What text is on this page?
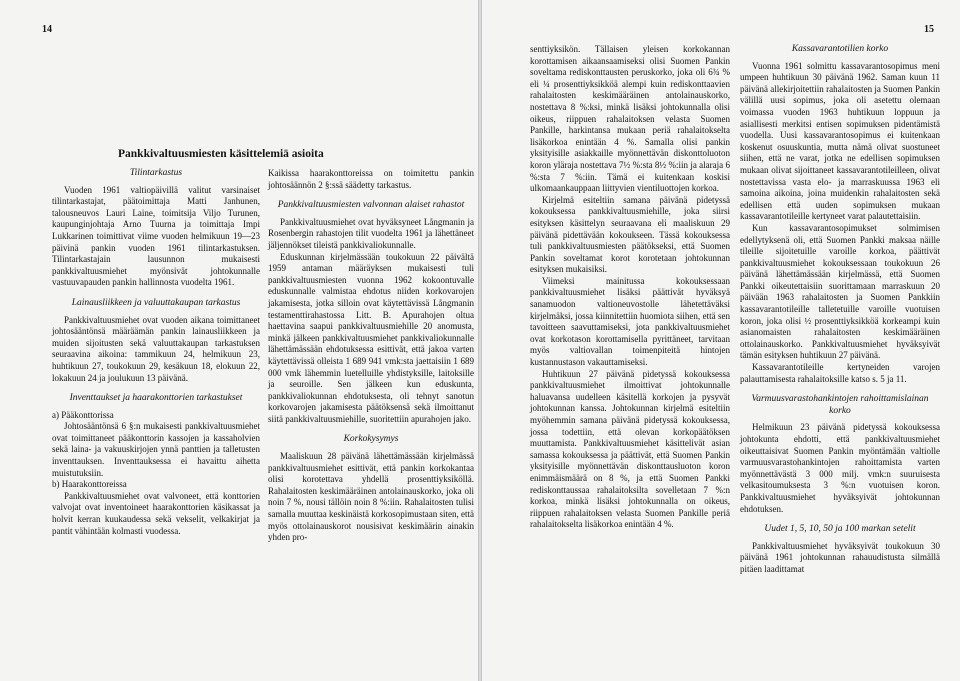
14
Pankkivaltuusmiesten käsittelemiä asioita
Tilintarkastus

Vuoden 1961 valtiopäivillä valitut varsinaiset tilintarkastajat, päätoimittaja Matti Janhunen, talousneuvos Lauri Laine, toimitsija Viljo Turunen, kaupunginjohtaja Arno Tuurna ja toimittaja Impi Lukkarinen toimittivat viime vuoden helmikuun 19—23 päivinä pankin vuoden 1961 tilintarkastuksen. Tilintarkastajain lausunnon mukaisesti pankkivaltuusmiehet myönsivät johtokunnalle vastuuvapauden pankin hallinnosta vuodelta 1961.

Lainausliikkeen ja valuuttakaupan tarkastus

Pankkivaltuusmiehet ovat vuoden aikana toimittaneet johtosääntönsä määräämän pankin lainausliikkeen ja muiden sijoitusten sekä valuuttakaupan tarkastuksen seuraavina aikoina: tammikuun 24, helmikuun 23, huhtikuun 27, toukokuun 29, kesäkuun 18, elokuun 22, lokakuun 24 ja joulukuun 13 päivänä.

Inventtaukset ja haarakonttorien tarkastukset

a) Pääkonttorissa

Johtosääntönsä 6 §:n mukaisesti pankkivaltuusmiehet ovat toimittaneet pääkonttorin kassojen ja kassaholvien sekä laina- ja vakuuskirjojen ynnä panttien ja talletusten inventtauksen. Inventtauksessa ei havaittu aihetta muistutuksiin.

b) Haarakonttoreissa

Pankkivaltuusmiehet ovat valvoneet, että konttorien valvojat ovat inventoineet haarakonttorien käsikassat ja holvit kerran kuukaudessa sekä vekselit, velkakirjat ja pantit vähintään kolmasti vuodessa.

Kaikissa haarakonttoreissa on toimitettu pankin johtosäännön 2 §:ssä säädetty tarkastus.

Pankkivaltuusmiesten valvonnan alaiset rahastot

Pankkivaltuusmiehet ovat hyväksyneet Långmanin ja Rosenbergin rahastojen tilit vuodelta 1961 ja lähettäneet jäljennökset tileistä pankkivaliokunnalle.

Eduskunnan kirjelmässään toukokuun 22 päivältä 1959 antaman määräyksen mukaisesti tuli pankkivaltuusmiesten vuonna 1962 kokoontuvalle eduskunnalle valmistaa ehdotus niiden korkovarojen jakamisesta, jotka silloin ovat käytettävissä Långmanin testamenttirahastossa Litt. B. Apurahojen oltua haettavina saapui pankkivaltuusmiehille 20 anomusta, minkä jälkeen pankkivaltuusmiehet pankkivaliokunnalle lähettämässään ehdotuksessa esittivät, että jakoa varten käytettävissä olleista 1 689 941 vmk:sta jaettaisiin 1 689 000 vmk lähemmin luetelluille yhdistyksille, laitoksille ja seuroille. Sen jälkeen kun eduskunta, pankkivaliokunnan ehdotuksesta, oli tehnyt sanotun korkovarojen jakamisesta päätöksensä sekä ilmoittanut siitä pankkivaltuusmiehille, suoritettiin apurahojen jako.

Korkokysymys

Maaliskuun 28 päivänä lähettämässään kirjelmässä pankkivaltuusmiehet esittivät, että pankin korkokantaa olisi korotettava yhdellä prosenttiyksiköllä. Rahalaitosten keskimääräinen antolainauskorko, joka oli noin 7 %, nousi tällöin noin 8 %:iin. Rahalaitosten tulisi samalla muuttaa keskinäistä korkosopimustaan siten, että myös ottolainauskorot nousisivat keskimäärin ainakin yhden pro-

15

senttiyksikön. Tällaisen yleisen korkokannan korottamisen aikaansaamiseksi olisi Suomen Pankin soveltama rediskonttausten peruskorko, joka oli 6¾ % eli ¼ prosenttiyksikköä alempi kuin rediskonttaavien rahalaitosten keskimääräinen antolainauskorko, nostettava 8 %:ksi, minkä lisäksi johtokunnalla olisi oikeus, riippuen rahalaitoksen velasta Suomen Pankille, harkintansa mukaan periä rahalaitokselta lisäkorkoa enintään 4 %. Samalla olisi pankin yksityisille asiakkaille myönnettävän diskonttoluoton koron yläraja nostettava 7½ %:sta 8½ %:iin ja alaraja 6 %:sta 7 %:iin. Tämä ei kuitenkaan koskisi ulkomaankauppaan liittyvien vientiluottojen korkoa.

Kirjelmä esiteltiin samana päivänä pidetyssä kokouksessa pankkivaltuusmiehille, joka siirsi esityksen käsittelyn seuraavana eli maaliskuun 29 päivänä pidettävään kokoukseen. Tässä kokouksessa tuli pankkivaltuusmiesten päätökseksi, että Suomen Pankin soveltamat korot korotetaan johtokunnan esityksen mukaisiksi.

Viimeksi mainitussa kokouksessaan pankkivaltuusmiehet lisäksi päättivät hyväksyä sanamuodon valtioneuvostolle lähetettäväksi kirjelmäksi, jossa kiinnitettiin huomiota siihen, että sen tavoitteen saavuttamiseksi, jota pankkivaltuusmiehet ovat korkotason korottamisella pyrittäneet, tarvitaan myös valtiovallan toimenpiteitä hintojen kustannustason vakauttamiseksi.

Huhtikuun 27 päivänä pidetyssä kokouksessa pankkivaltuusmiehet ilmoittivat johtokunnalle haluavansa uudelleen käsitellä korkojen ja pysyvät johtokunnan kanssa. Johtokunnan kirjelmä esiteltiin myöhemmin samana päivänä pidetyssä kokouksessa, jossa todettiin, että olevan korkopäätöksen muuttamista. Pankkivaltuusmiehet käsittelivät asian samassa kokouksessa ja päättivät, että Suomen Pankin yksityisille myönnettävän diskonttausluoton koron enimmäismäärä on 8 %, ja että Suomen Pankki rediskonttaussaa rahalaitoksilta sovelletaan 7 %:n korkoa, minkä lisäksi johtokunnalla on oikeus, riippuen rahalaitoksen velasta Suomen Pankille periä rahalaitokselta lisäkorkoa enintään 4 %.

Kassavarantotilien korko

Vuonna 1961 solmittu kassavarantosopimus meni umpeen huhtikuun 30 päivänä 1962. Saman kuun 11 päivänä allekirjoitettiin rahalaitosten ja Suomen Pankin välillä uusi sopimus, joka oli asetettu olemaan voimassa vuoden 1963 huhtikuun loppuun ja asiallisesti merkitsi entisen sopimuksen pidentämistä vuodella. Uusi kassavarantosopimus ei kuitenkaan koskenut osuuskuntia, mutta nämä olivat suostuneet siihen, että ne varat, jotka ne edellisen sopimuksen mukaan olivat sijoittaneet kassavarantotileilleen, olivat nostettavissa vasta elo- ja marraskuussa 1963 eli samoina aikoina, joina muidenkin rahalaitosten sekä edellisen että uuden sopimuksen mukaan kassavarantotileille kertyneet varat palautettaisiin.

Kun kassavarantosopimukset solmimisen edellytyksenä oli, että Suomen Pankki maksaa näille tileille sijoitetuille varoille korkoa, päättivät pankkivaltuusmiehet kokouksessaan toukokuun 26 päivänä lähettämässään kirjelmässä, että Suomen Pankki oikeutettaisiin suorittamaan marraskuun 20 päivään 1963 rahalaitosten ja Suomen Pankkiin kassavarantotileille talletetuille varoille vuotuisen koron, joka olisi ½ prosenttiyksikköä korkeampi kuin asianomaisten rahalaitosten keskimääräinen ottolainauskorko. Pankkivaltuusmiehet hyväksyivät tämän esityksen huhtikuun 27 päivänä.

Kassavarantotileille kertyneiden varojen palauttamisesta rahalaitoksille katso s. 5 ja 11.

Varmuusvarastohankintojen rahoittamislainan korko

Helmikuun 23 päivänä pidetyssä kokouksessa johtokunta ehdotti, että pankkivaltuusmiehet oikeuttaisivat Suomen Pankin myöntämään valtiolle varmuusvarastohankintojen rahoittamista varten myönnettävästä 3 000 milj. vmk:n suuruisesta velkasitoumuksesta 3 %:n vuotuisen koron. Pankkivaltuusmiehet hyväksyivät johtokunnan ehdotuksen.

Uudet 1, 5, 10, 50 ja 100 markan setelit

Pankkivaltuusmiehet hyväksyivät toukokuun 30 päivänä 1961 johtokunnan rahauudistusta silmällä pitäen laadittamat
